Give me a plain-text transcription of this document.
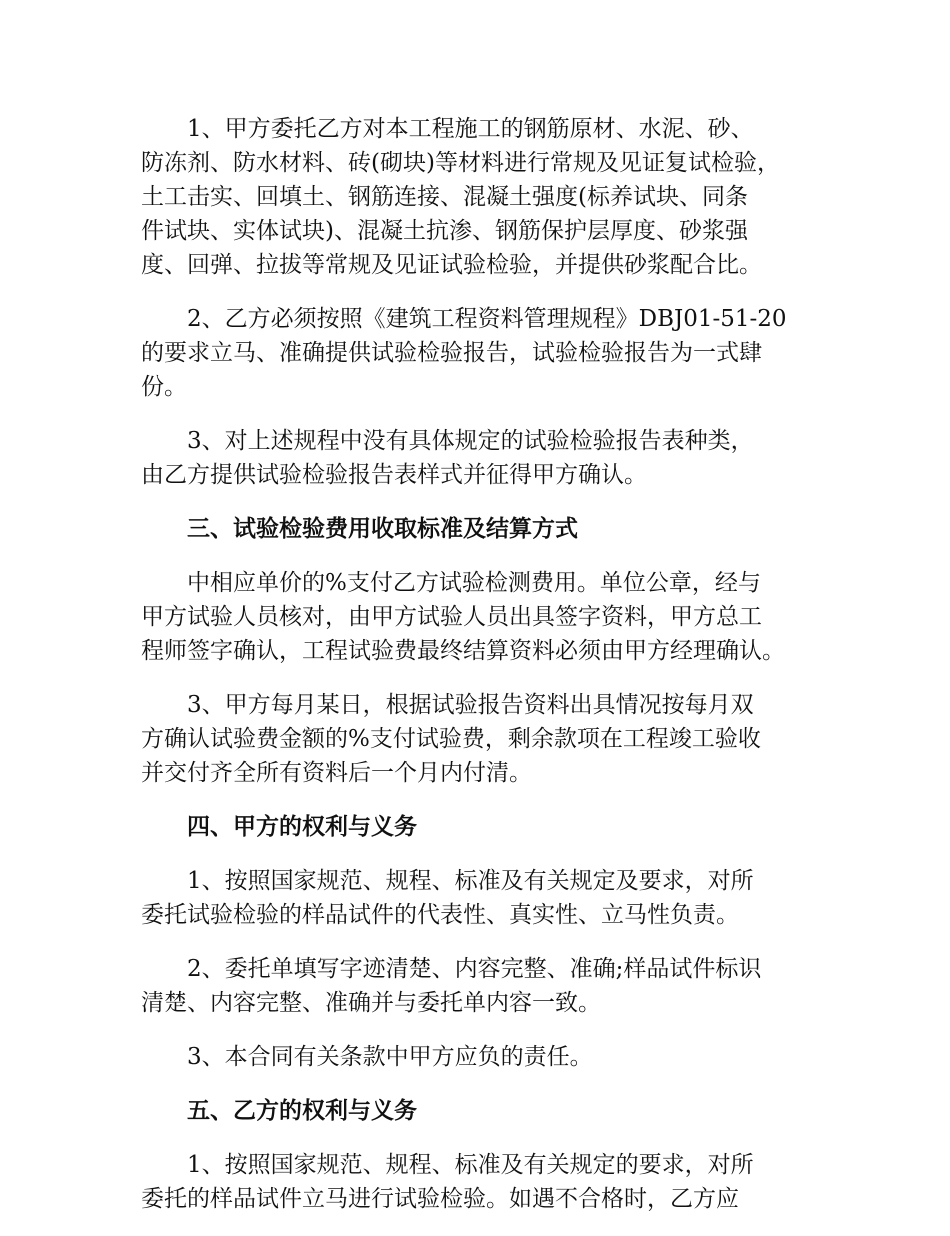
1、甲方委托乙方对本工程施工的钢筋原材、水泥、砂、
防冻剂、防水材料、砖(砌块)等材料进行常规及见证复试检验，
土工击实、回填土、钢筋连接、混凝土强度(标养试块、同条
件试块、实体试块)、混凝土抗渗、钢筋保护层厚度、砂浆强
度、回弹、拉拔等常规及见证试验检验，并提供砂浆配合比。
2、乙方必须按照《建筑工程资料管理规程》DBJ01-51-20
的要求立马、准确提供试验检验报告，试验检验报告为一式肆
份。
3、对上述规程中没有具体规定的试验检验报告表种类，
由乙方提供试验检验报告表样式并征得甲方确认。
三、试验检验费用收取标准及结算方式
中相应单价的%支付乙方试验检测费用。单位公章，经与
甲方试验人员核对，由甲方试验人员出具签字资料，甲方总工
程师签字确认，工程试验费最终结算资料必须由甲方经理确认。
3、甲方每月某日，根据试验报告资料出具情况按每月双
方确认试验费金额的%支付试验费，剩余款项在工程竣工验收
并交付齐全所有资料后一个月内付清。
四、甲方的权利与义务
1、按照国家规范、规程、标准及有关规定及要求，对所
委托试验检验的样品试件的代表性、真实性、立马性负责。
2、委托单填写字迹清楚、内容完整、准确;样品试件标识
清楚、内容完整、准确并与委托单内容一致。
3、本合同有关条款中甲方应负的责任。
五、乙方的权利与义务
1、按照国家规范、规程、标准及有关规定的要求，对所
委托的样品试件立马进行试验检验。如遇不合格时，乙方应
